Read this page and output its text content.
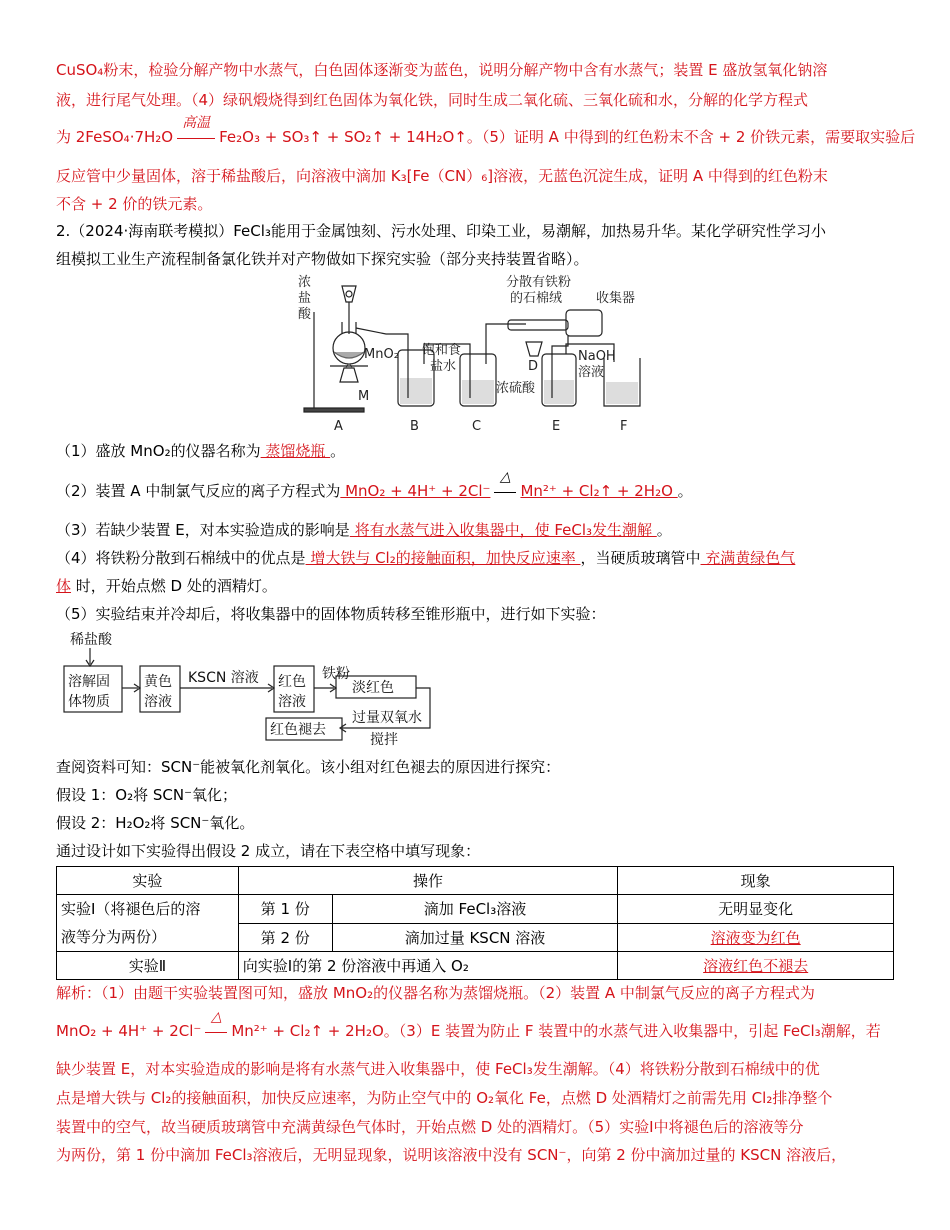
CuSO₄粉末，检验分解产物中水蒸气，白色固体逐渐变为蓝色，说明分解产物中含有水蒸气；装置 E 盛放氢氧化钠溶
液，进行尾气处理。（4）绿矾煅烧得到红色固体为氧化铁，同时生成二氧化硫、三氧化硫和水，分解的化学方程式
为 2FeSO₄·7H₂O
高温
Fe₂O₃ + SO₃↑ + SO₂↑ + 14H₂O↑。（5）证明 A 中得到的红色粉末不含 + 2 价铁元素，需要取实验后
反应管中少量固体，溶于稀盐酸后，向溶液中滴加 K₃[Fe（CN）₆]溶液，无蓝色沉淀生成，证明 A 中得到的红色粉末
不含 + 2 价的铁元素。
2.（2024·海南联考模拟）FeCl₃能用于金属蚀刻、污水处理、印染工业，易潮解，加热易升华。某化学研究性学习小
组模拟工业生产流程制备氯化铁并对产物做如下探究实验（部分夹持装置省略）。
浓
盐
酸
MnO₂
M
饱和食
盐水
浓硫酸
分散有铁粉
的石棉绒	收集器
D
NaOH
溶液
A	B	C	E	F
（1）盛放 MnO₂的仪器名称为 蒸馏烧瓶 。
（2）装置 A 中制氯气反应的离子方程式为 MnO₂ + 4H⁺ + 2Cl⁻
△
Mn²⁺ + Cl₂↑ + 2H₂O 。
（3）若缺少装置 E，对本实验造成的影响是 将有水蒸气进入收集器中，使 FeCl₃发生潮解 。
（4）将铁粉分散到石棉绒中的优点是 增大铁与 Cl₂的接触面积，加快反应速率 ，当硬质玻璃管中 充满黄绿色气
体 时，开始点燃 D 处的酒精灯。
（5）实验结束并冷却后，将收集器中的固体物质转移至锥形瓶中，进行如下实验：
稀盐酸
溶解固
体物质
黄色
溶液
KSCN 溶液 红色
溶液
铁粉
淡红色
过量双氧水
搅拌
红色褪去
查阅资料可知：SCN⁻能被氧化剂氧化。该小组对红色褪去的原因进行探究：
假设 1：O₂将 SCN⁻氧化；
假设 2：H₂O₂将 SCN⁻氧化。
通过设计如下实验得出假设 2 成立，请在下表空格中填写现象：
实验	操作		现象

实验Ⅰ（将褪色后的溶
液等分为两份）	第 1 份	滴加 FeCl₃溶液	无明显变化
	第 2 份	滴加过量 KSCN 溶液	溶液变为红色
实验Ⅱ	向实验Ⅰ的第 2 份溶液中再通入 O₂		溶液红色不褪去
解析：（1）由题干实验装置图可知，盛放 MnO₂的仪器名称为蒸馏烧瓶。（2）装置 A 中制氯气反应的离子方程式为
MnO₂ + 4H⁺ + 2Cl⁻
△
Mn²⁺ + Cl₂↑ + 2H₂O。（3）E 装置为防止 F 装置中的水蒸气进入收集器中，引起 FeCl₃潮解，若
缺少装置 E，对本实验造成的影响是将有水蒸气进入收集器中，使 FeCl₃发生潮解。（4）将铁粉分散到石棉绒中的优
点是增大铁与 Cl₂的接触面积，加快反应速率，为防止空气中的 O₂氧化 Fe，点燃 D 处酒精灯之前需先用 Cl₂排净整个
装置中的空气，故当硬质玻璃管中充满黄绿色气体时，开始点燃 D 处的酒精灯。（5）实验Ⅰ中将褪色后的溶液等分
为两份，第 1 份中滴加 FeCl₃溶液后，无明显现象，说明该溶液中没有 SCN⁻，向第 2 份中滴加过量的 KSCN 溶液后，
